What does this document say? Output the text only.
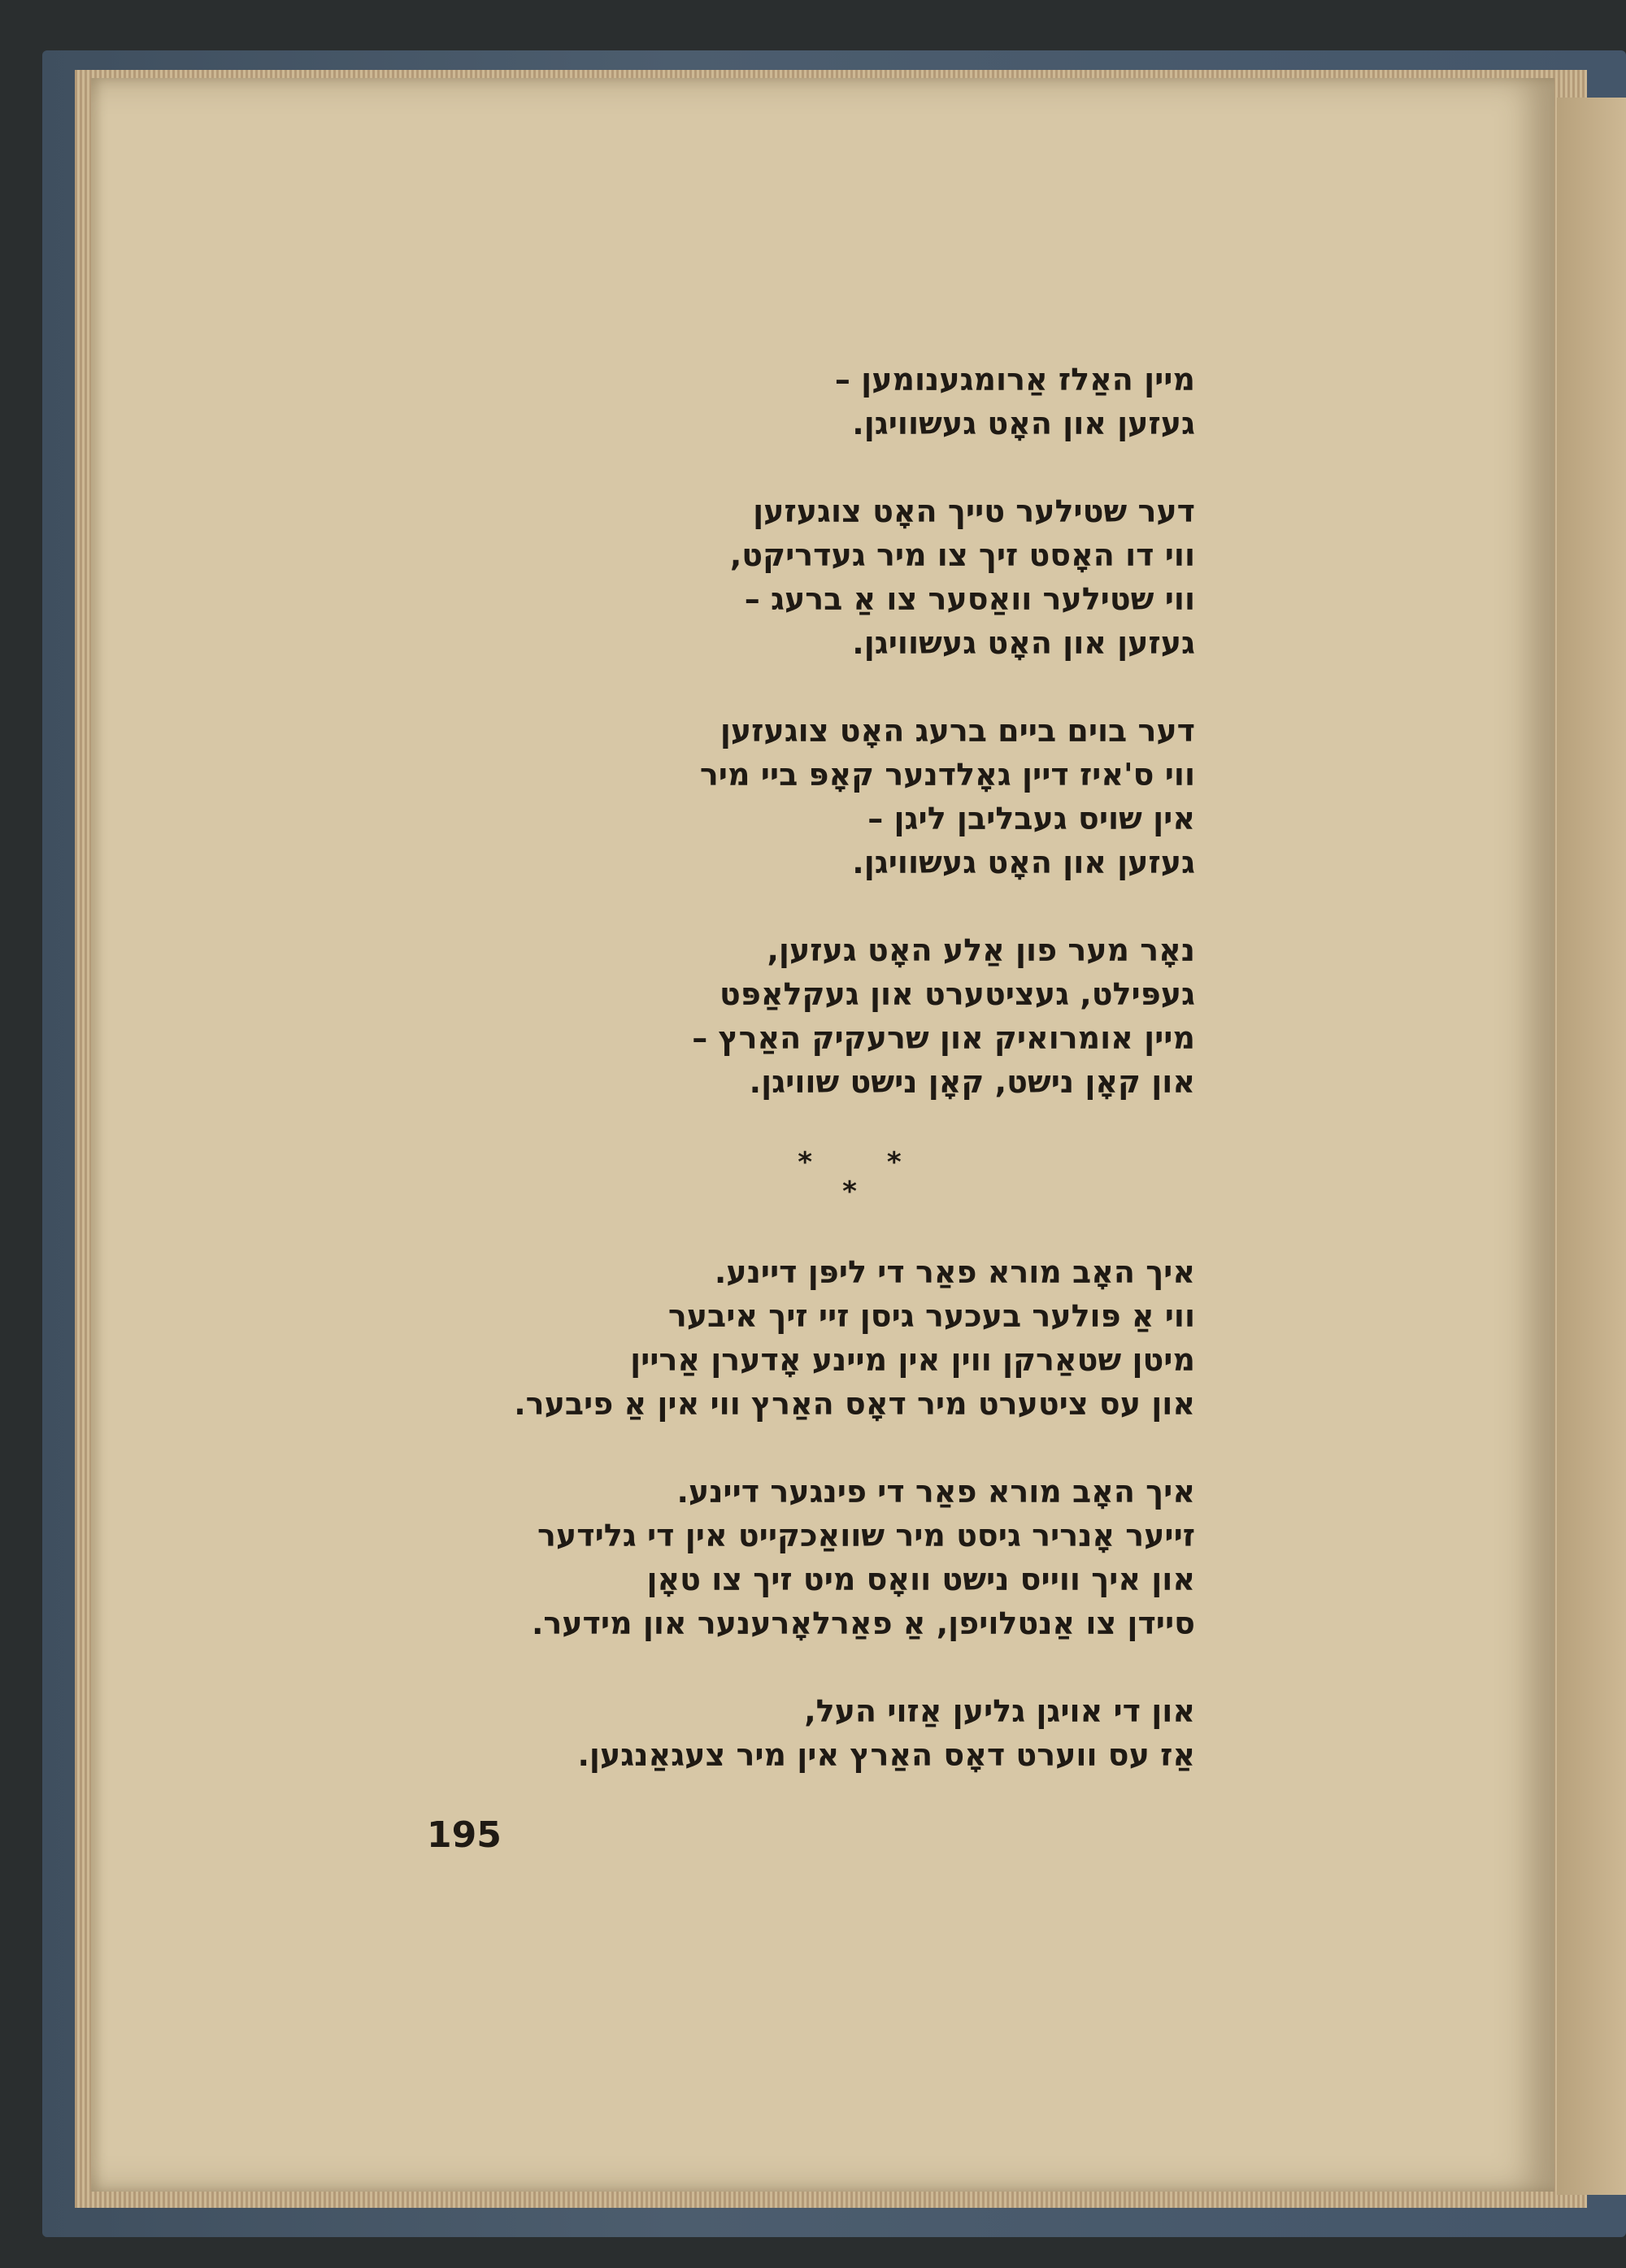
מיין האַלז אַרומגענומען –
געזען און האָט געשוויגן.
דער שטילער טייך האָט צוגעזען
ווי דו האָסט זיך צו מיר געדריקט,
ווי שטילער וואַסער צו אַ ברעג –
געזען און האָט געשוויגן.
דער בוים ביים ברעג האָט צוגעזען
ווי ס'איז דיין גאָלדנער קאָפּ ביי מיר
אין שויס געבליבן ליגן –
געזען און האָט געשוויגן.
נאָר מער פון אַלע האָט געזען,
געפּילט, געציטערט און געקלאַפּט
מיין אומרואיק און שרעקיק האַרץ –
און קאָן נישט, קאָן נישט שוויגן.
* *
*
איך האָב מורא פאַר די ליפּן דיינע.
ווי אַ פּולער בעכער גיסן זיי זיך איבער
מיטן שטאַרקן ווין אין מיינע אָדערן אַריין
און עס ציטערט מיר דאָס האַרץ ווי אין אַ פיבער.
איך האָב מורא פאַר די פינגער דיינע.
זייער אָנריר גיסט מיר שוואַכקייט אין די גלידער
און איך ווייס נישט וואָס מיט זיך צו טאָן
סיידן צו אַנטלויפן, אַ פאַרלאָרענער און מידער.
און די אויגן גליען אַזוי העל,
אַז עס ווערט דאָס האַרץ אין מיר צעגאַנגען.
195
